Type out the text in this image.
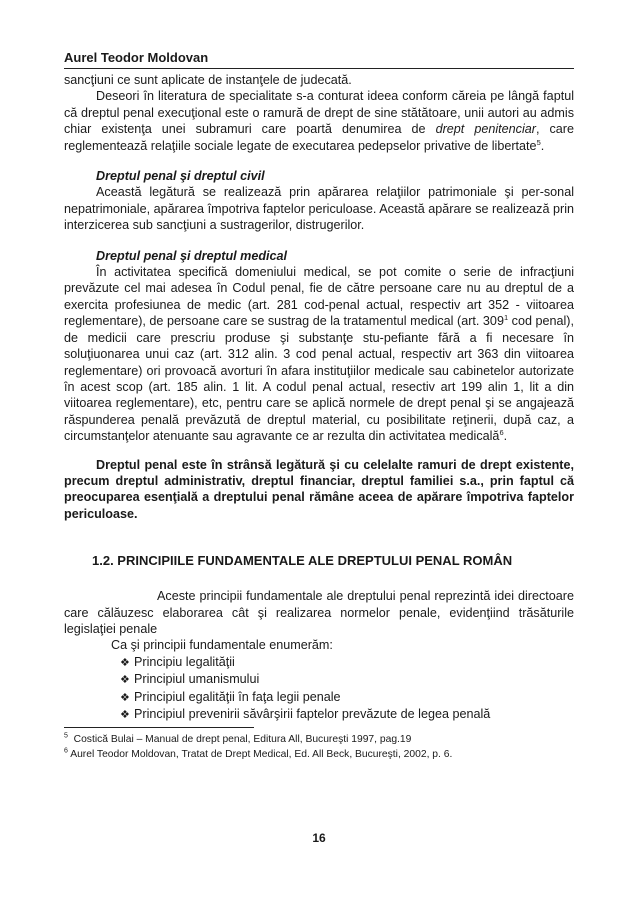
Aurel Teodor Moldovan

sancţiuni ce sunt aplicate de instanţele de judecată.

Deseori în literatura de specialitate s-a conturat ideea conform căreia pe lângă faptul că dreptul penal execuţional este o ramură de drept de sine stătătoare, unii autori au admis chiar existenţa unei subramuri care poartă denumirea de drept penitenciar, care reglementează relaţiile sociale legate de executarea pedepselor privative de libertate$^5$.

Dreptul penal şi dreptul civil

Această legătură se realizează prin apărarea relaţiilor patrimoniale şi per-sonal nepatrimoniale, apărarea împotriva faptelor periculoase. Această apărare se realizează prin interzicerea sub sancţiuni a sustragerilor, distrugerilor.

Dreptul penal şi dreptul medical

În activitatea specifică domeniului medical, se pot comite o serie de infracţiuni prevăzute cel mai adesea în Codul penal, fie de către persoane care nu au dreptul de a exercita profesiunea de medic (art. 281 cod-penal actual, respectiv art 352 - viitoarea reglementare), de persoane care se sustrag de la tratamentul medical (art. $309^1$ cod penal), de medicii care prescriu produse şi substanţe stu-pefiante fără a fi necesare în soluţiuonarea unui caz (art. 312 alin. 3 cod penal actual, respectiv art 363 din viitoarea reglementare) ori provoacă avorturi în afara instituţiilor medicale sau cabinetelor autorizate în acest scop (art. 185 alin. 1 lit. A codul penal actual, resectiv art 199 alin 1, lit a din viitoarea reglementare), etc, pentru care se aplică normele de drept penal şi se angajează răspunderea penală prevăzută de dreptul material, cu posibilitate reţinerii, după caz, a circumstanţelor atenuante sau agravante ce ar rezulta din activitatea medicală$^6$.

Dreptul penal este în strânsă legătură şi cu celelalte ramuri de drept existente, precum dreptul administrativ, dreptul financiar, dreptul familiei s.a., prin faptul că preocuparea esenţială a dreptului penal rămâne aceea de apărare împotriva faptelor periculoase.

1.2. PRINCIPIILE FUNDAMENTALE ALE DREPTULUI PENAL ROMÂN

Aceste principii fundamentale ale dreptului penal reprezintă idei directoare care călăuzesc elaborarea cât şi realizarea normelor penale, evidenţiind trăsăturile legislaţiei penale

Ca şi principii fundamentale enumerăm:

❖ Principiu legalităţii
❖ Principiul umanismului
❖ Principiul egalităţii în faţa legii penale
❖ Principiul prevenirii săvârşirii faptelor prevăzute de legea penală
$^5$ Costică Bulai – Manual de drept penal, Editura All, Bucureşti 1997, pag.19
$^6$ Aurel Teodor Moldovan, Tratat de Drept Medical, Ed. All Beck, Bucureşti, 2002, p. 6.
16
